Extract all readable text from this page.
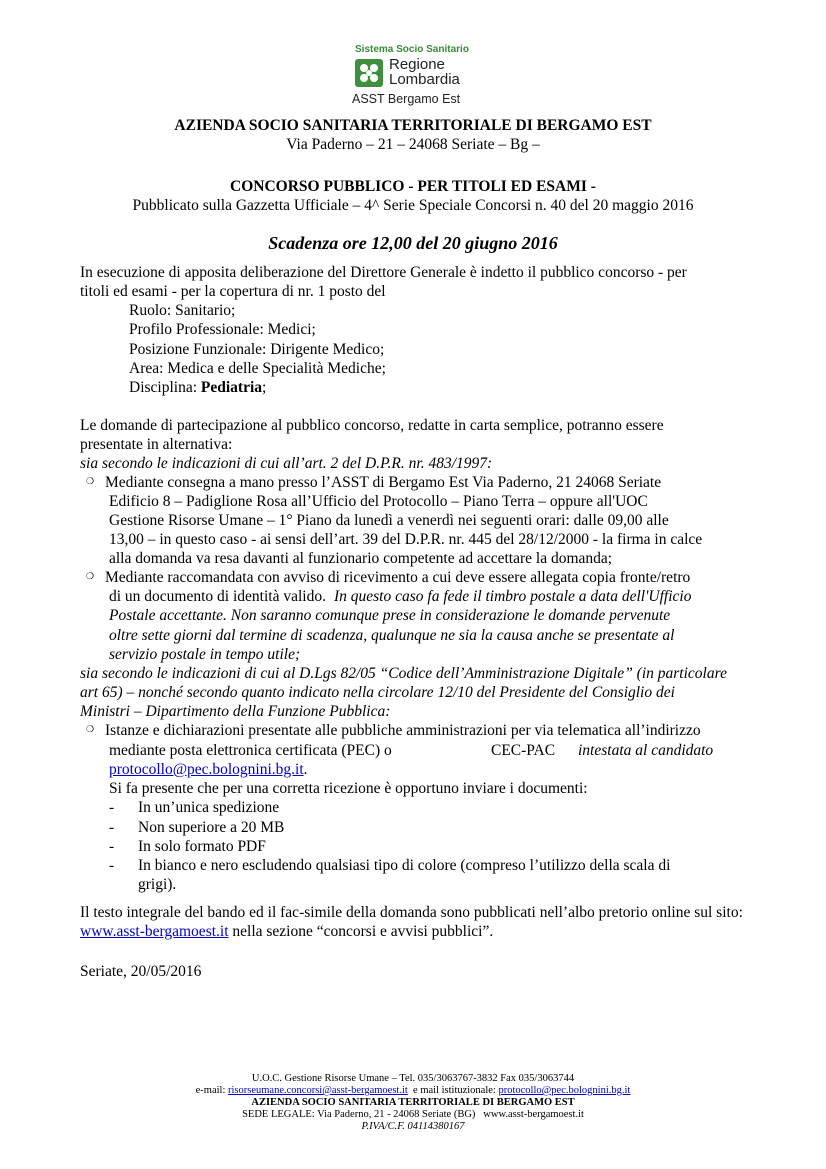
Sistema Socio Sanitario
Regione
Lombardia
ASST Bergamo Est
AZIENDA SOCIO SANITARIA TERRITORIALE DI BERGAMO EST
Via Paderno – 21 – 24068 Seriate – Bg –
CONCORSO PUBBLICO - PER TITOLI ED ESAMI -
Pubblicato sulla Gazzetta Ufficiale – 4^ Serie Speciale Concorsi n. 40 del 20 maggio 2016
Scadenza ore 12,00 del 20 giugno 2016
In esecuzione di apposita deliberazione del Direttore Generale è indetto il pubblico concorso - per
titoli ed esami - per la copertura di nr. 1 posto del
Ruolo: Sanitario;
Profilo Professionale: Medici;
Posizione Funzionale: Dirigente Medico;
Area: Medica e delle Specialità Mediche;
Disciplina: Pediatria;
Le domande di partecipazione al pubblico concorso, redatte in carta semplice, potranno essere
presentate in alternativa:
sia secondo le indicazioni di cui all’art. 2 del D.P.R. nr. 483/1997:
❍ Mediante consegna a mano presso l’ASST di Bergamo Est Via Paderno, 21 24068 Seriate
Edificio 8 – Padiglione Rosa all’Ufficio del Protocollo – Piano Terra – oppure all'UOC
Gestione Risorse Umane – 1° Piano da lunedì a venerdì nei seguenti orari: dalle 09,00 alle
13,00 – in questo caso - ai sensi dell’art. 39 del D.P.R. nr. 445 del 28/12/2000 - la firma in calce
alla domanda va resa davanti al funzionario competente ad accettare la domanda;
❍ Mediante raccomandata con avviso di ricevimento a cui deve essere allegata copia fronte/retro
di un documento di identità valido. In questo caso fa fede il timbro postale a data dell'Ufficio
Postale accettante. Non saranno comunque prese in considerazione le domande pervenute
oltre sette giorni dal termine di scadenza, qualunque ne sia la causa anche se presentate al
servizio postale in tempo utile;
sia secondo le indicazioni di cui al D.Lgs 82/05 “Codice dell’Amministrazione Digitale” (in particolare
art 65) – nonché secondo quanto indicato nella circolare 12/10 del Presidente del Consiglio dei
Ministri – Dipartimento della Funzione Pubblica:
❍ Istanze e dichiarazioni presentate alle pubbliche amministrazioni per via telematica all’indirizzo
mediante posta elettronica certificata (PEC) o	CEC-PAC intestata al candidato
protocollo@pec.bolognini.bg.it.
Si fa presente che per una corretta ricezione è opportuno inviare i documenti:
- In un’unica spedizione
- Non superiore a 20 MB
- In solo formato PDF
- In bianco e nero escludendo qualsiasi tipo di colore (compreso l’utilizzo della scala di
grigi).
Il testo integrale del bando ed il fac-simile della domanda sono pubblicati nell’albo pretorio online sul sito:
www.asst-bergamoest.it nella sezione “concorsi e avvisi pubblici”.
Seriate, 20/05/2016
U.O.C. Gestione Risorse Umane – Tel. 035/3063767-3832 Fax 035/3063744
e-mail: risorseumane.concorsi@asst-bergamoest.it  e mail istituzionale: protocollo@pec.bolognini.bg.it
AZIENDA SOCIO SANITARIA TERRITORIALE DI BERGAMO EST
SEDE LEGALE: Via Paderno, 21 - 24068 Seriate (BG)   www.asst-bergamoest.it
P.IVA/C.F. 04114380167
